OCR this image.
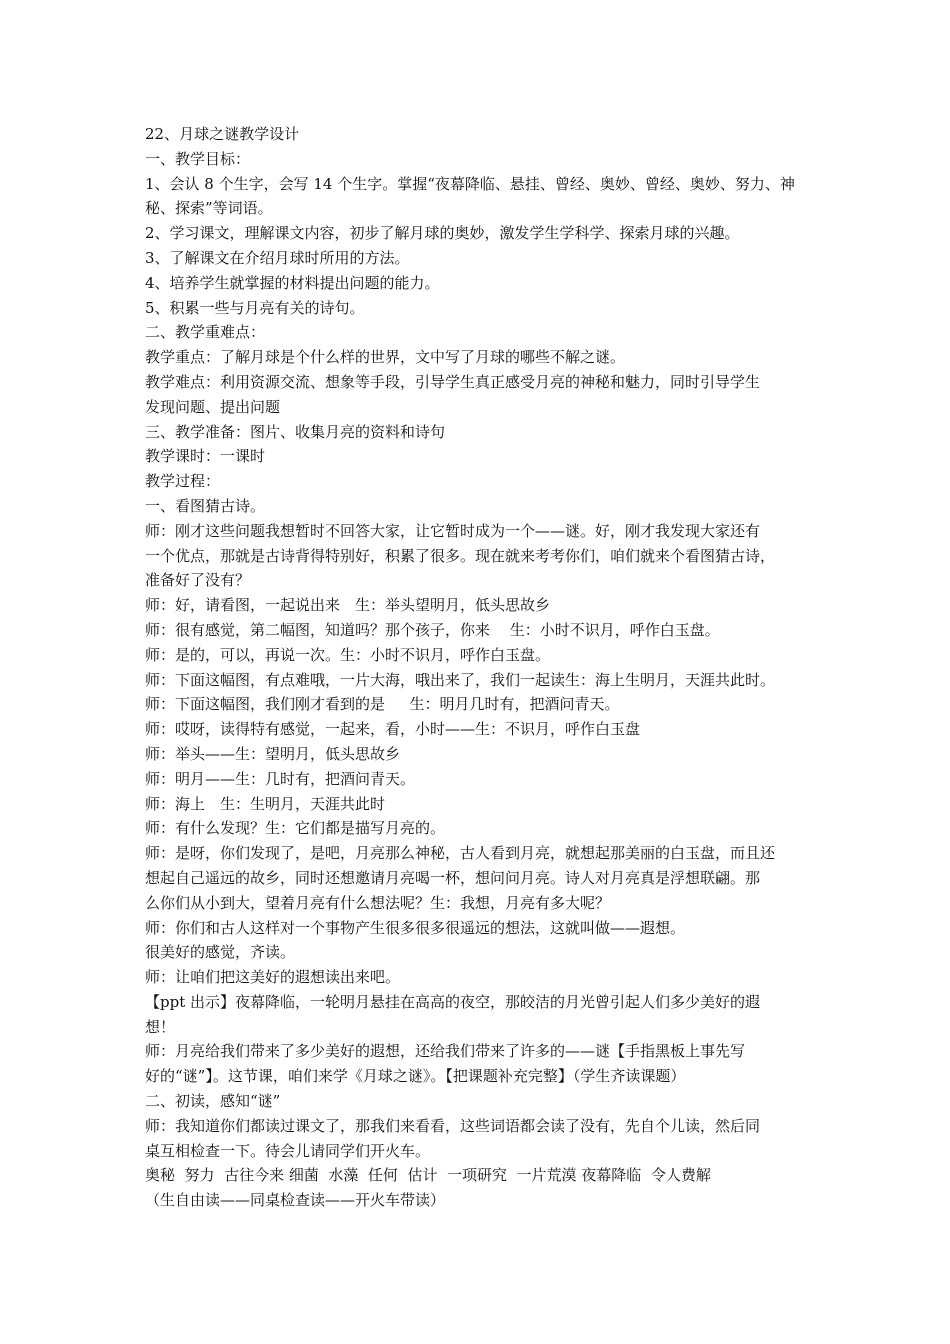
22、月球之谜教学设计
一、教学目标：
1、会认 8 个生字，会写 14 个生字。掌握“夜幕降临、悬挂、曾经、奥妙、曾经、奥妙、努力、神
秘、探索”等词语。
2、学习课文，理解课文内容，初步了解月球的奥妙，激发学生学科学、探索月球的兴趣。
3、了解课文在介绍月球时所用的方法。
4、培养学生就掌握的材料提出问题的能力。
5、积累一些与月亮有关的诗句。
二、教学重难点：
教学重点：了解月球是个什么样的世界，文中写了月球的哪些不解之谜。
教学难点：利用资源交流、想象等手段，引导学生真正感受月亮的神秘和魅力，同时引导学生
发现问题、提出问题
三、教学准备：图片、收集月亮的资料和诗句
教学课时：一课时
教学过程：
一、看图猜古诗。
师：刚才这些问题我想暂时不回答大家，让它暂时成为一个——谜。好，刚才我发现大家还有
一个优点，那就是古诗背得特别好，积累了很多。现在就来考考你们，咱们就来个看图猜古诗，
准备好了没有？
师：好，请看图，一起说出来　生：举头望明月，低头思故乡
师：很有感觉，第二幅图，知道吗？那个孩子，你来　 生：小时不识月，呼作白玉盘。
师：是的，可以，再说一次。生：小时不识月，呼作白玉盘。
师：下面这幅图，有点难哦，一片大海，哦出来了，我们一起读生：海上生明月，天涯共此时。
师：下面这幅图，我们刚才看到的是　  生：明月几时有，把酒问青天。
师：哎呀，读得特有感觉，一起来，看，小时——生：不识月，呼作白玉盘
师：举头——生：望明月，低头思故乡
师：明月——生：几时有，把酒问青天。
师：海上　生：生明月，天涯共此时
师：有什么发现？生：它们都是描写月亮的。
师：是呀，你们发现了，是吧，月亮那么神秘，古人看到月亮，就想起那美丽的白玉盘，而且还
想起自己遥远的故乡，同时还想邀请月亮喝一杯，想问问月亮。诗人对月亮真是浮想联翩。那
么你们从小到大，望着月亮有什么想法呢？生：我想，月亮有多大呢？
师：你们和古人这样对一个事物产生很多很多很遥远的想法，这就叫做——遐想。
很美好的感觉，齐读。
师：让咱们把这美好的遐想读出来吧。
【ppt 出示】夜幕降临，一轮明月悬挂在高高的夜空，那皎洁的月光曾引起人们多少美好的遐
想！
师：月亮给我们带来了多少美好的遐想，还给我们带来了许多的——谜【手指黑板上事先写
好的“谜”】。这节课，咱们来学《月球之谜》。【把课题补充完整】（学生齐读课题）
二、初读，感知“谜”
师：我知道你们都读过课文了，那我们来看看，这些词语都会读了没有，先自个儿读，然后同
桌互相检查一下。待会儿请同学们开火车。
奥秘  努力  古往今来 细菌  水藻  任何  估计  一项研究  一片荒漠 夜幕降临  令人费解
（生自由读——同桌检查读——开火车带读）
